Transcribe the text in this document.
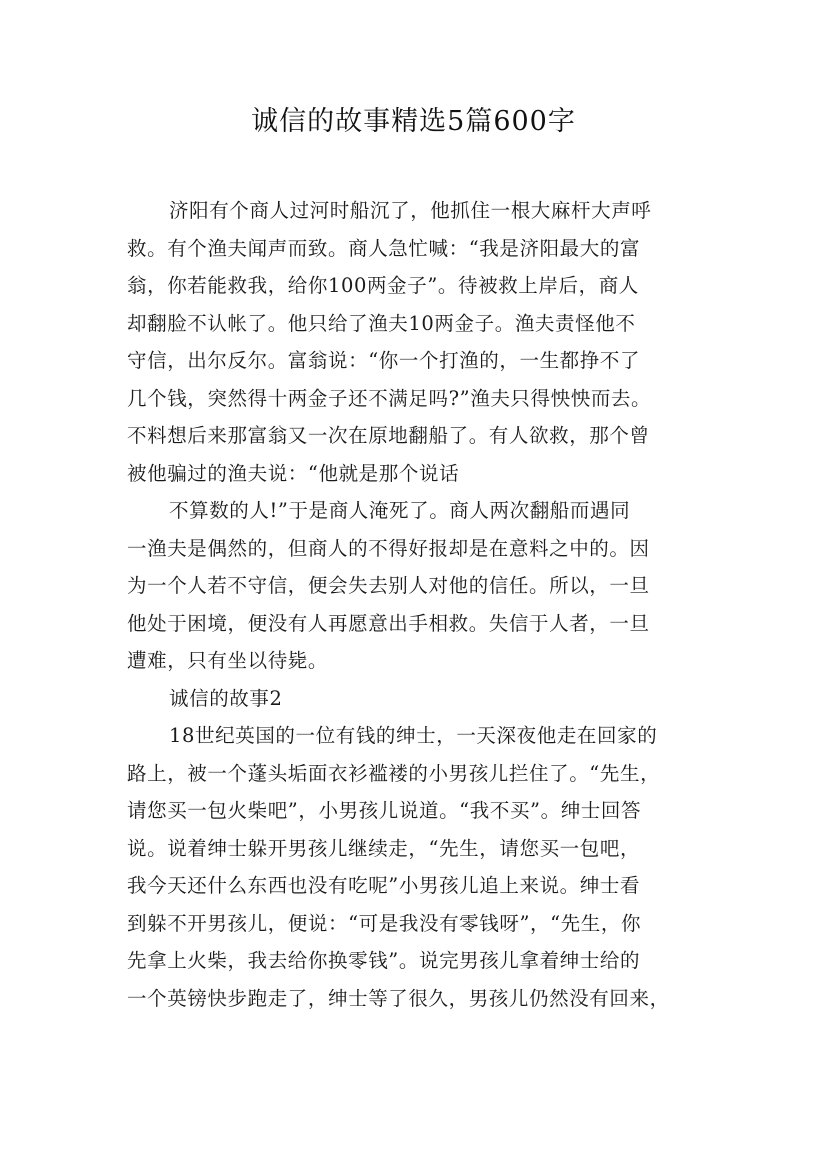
诚信的故事精选5篇600字
济阳有个商人过河时船沉了，他抓住一根大麻杆大声呼
救。有个渔夫闻声而致。商人急忙喊：“我是济阳最大的富
翁，你若能救我，给你100两金子”。待被救上岸后，商人
却翻脸不认帐了。他只给了渔夫10两金子。渔夫责怪他不
守信，出尔反尔。富翁说：“你一个打渔的，一生都挣不了
几个钱，突然得十两金子还不满足吗?”渔夫只得怏怏而去。
不料想后来那富翁又一次在原地翻船了。有人欲救，那个曾
被他骗过的渔夫说：“他就是那个说话
不算数的人!”于是商人淹死了。商人两次翻船而遇同
一渔夫是偶然的，但商人的不得好报却是在意料之中的。因
为一个人若不守信，便会失去别人对他的信任。所以，一旦
他处于困境，便没有人再愿意出手相救。失信于人者，一旦
遭难，只有坐以待毙。
诚信的故事2
18世纪英国的一位有钱的绅士，一天深夜他走在回家的
路上，被一个蓬头垢面衣衫褴褛的小男孩儿拦住了。“先生，
请您买一包火柴吧”，小男孩儿说道。“我不买”。绅士回答
说。说着绅士躲开男孩儿继续走，“先生，请您买一包吧，
我今天还什么东西也没有吃呢”小男孩儿追上来说。绅士看
到躲不开男孩儿，便说：“可是我没有零钱呀”，“先生，你
先拿上火柴，我去给你换零钱”。说完男孩儿拿着绅士给的
一个英镑快步跑走了，绅士等了很久，男孩儿仍然没有回来，
